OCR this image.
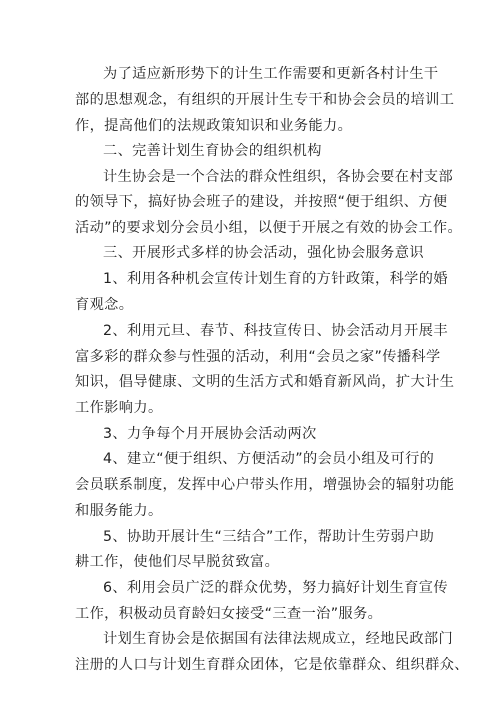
为了适应新形势下的计生工作需要和更新各村计生干
部的思想观念，有组织的开展计生专干和协会会员的培训工
作，提高他们的法规政策知识和业务能力。
二、完善计划生育协会的组织机构
计生协会是一个合法的群众性组织，各协会要在村支部
的领导下，搞好协会班子的建设，并按照“便于组织、方便
活动”的要求划分会员小组，以便于开展之有效的协会工作。
三、开展形式多样的协会活动，强化协会服务意识
1、利用各种机会宣传计划生育的方针政策，科学的婚
育观念。
2、利用元旦、春节、科技宣传日、协会活动月开展丰
富多彩的群众参与性强的活动，利用“会员之家”传播科学
知识，倡导健康、文明的生活方式和婚育新风尚，扩大计生
工作影响力。
3、力争每个月开展协会活动两次
4、建立“便于组织、方便活动”的会员小组及可行的
会员联系制度，发挥中心户带头作用，增强协会的辐射功能
和服务能力。
5、协助开展计生“三结合”工作，帮助计生劳弱户助
耕工作，使他们尽早脱贫致富。
6、利用会员广泛的群众优势，努力搞好计划生育宣传
工作，积极动员育龄妇女接受“三查一治”服务。
计划生育协会是依据国有法律法规成立，经地民政部门
注册的人口与计划生育群众团体，它是依靠群众、组织群众、
